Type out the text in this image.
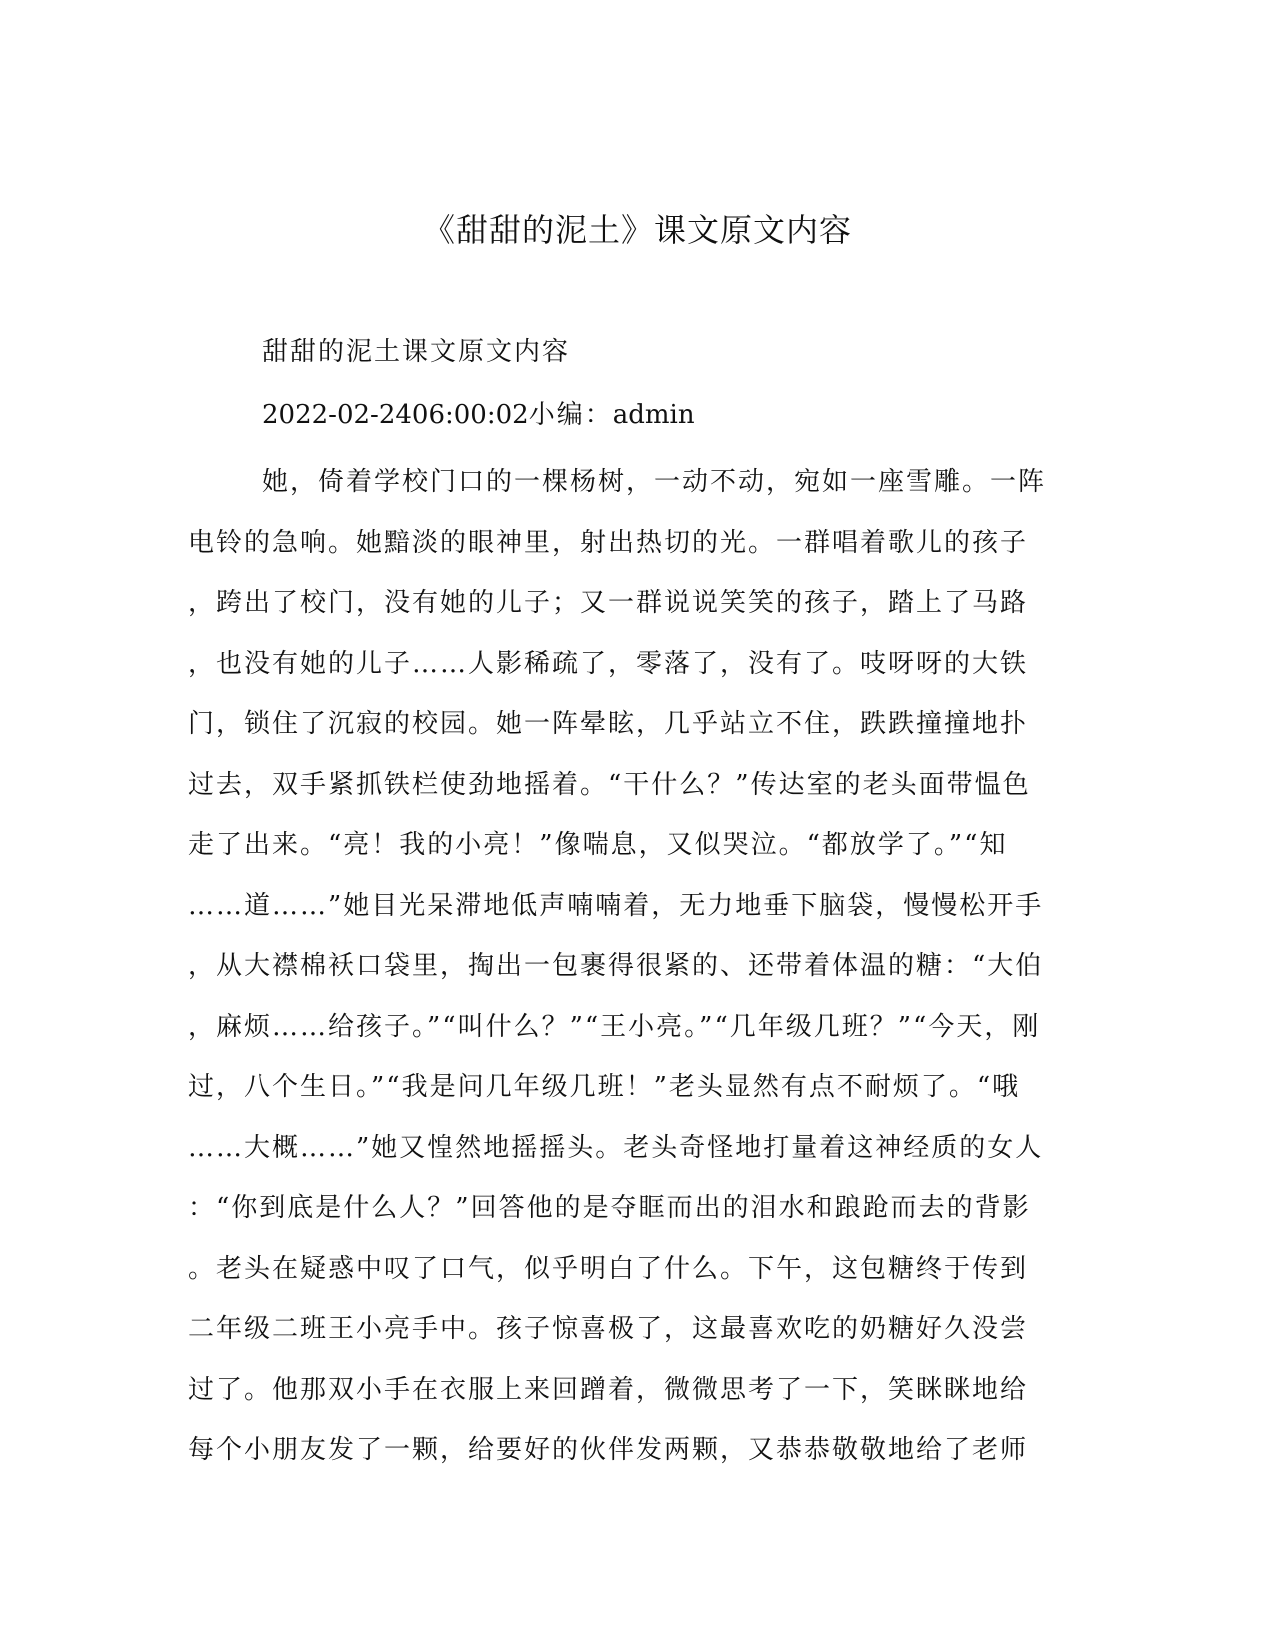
《甜甜的泥土》课文原文内容
甜甜的泥土课文原文内容
2022-02-2406:00:02小编：admin
她，倚着学校门口的一棵杨树，一动不动，宛如一座雪雕。一阵
电铃的急响。她黯淡的眼神里，射出热切的光。一群唱着歌儿的孩子
，跨出了校门，没有她的儿子；又一群说说笑笑的孩子，踏上了马路
，也没有她的儿子……人影稀疏了，零落了，没有了。吱呀呀的大铁
门，锁住了沉寂的校园。她一阵晕眩，几乎站立不住，跌跌撞撞地扑
过去，双手紧抓铁栏使劲地摇着。“干什么？”传达室的老头面带愠色
走了出来。“亮！我的小亮！”像喘息，又似哭泣。“都放学了。”“知
……道……”她目光呆滞地低声喃喃着，无力地垂下脑袋，慢慢松开手
，从大襟棉袄口袋里，掏出一包裹得很紧的、还带着体温的糖：“大伯
，麻烦……给孩子。”“叫什么？”“王小亮。”“几年级几班？”“今天，刚
过，八个生日。”“我是问几年级几班！”老头显然有点不耐烦了。“哦
……大概……”她又惶然地摇摇头。老头奇怪地打量着这神经质的女人
：“你到底是什么人？”回答他的是夺眶而出的泪水和踉跄而去的背影
。老头在疑惑中叹了口气，似乎明白了什么。下午，这包糖终于传到
二年级二班王小亮手中。孩子惊喜极了，这最喜欢吃的奶糖好久没尝
过了。他那双小手在衣服上来回蹭着，微微思考了一下，笑眯眯地给
每个小朋友发了一颗，给要好的伙伴发两颗，又恭恭敬敬地给了老师
